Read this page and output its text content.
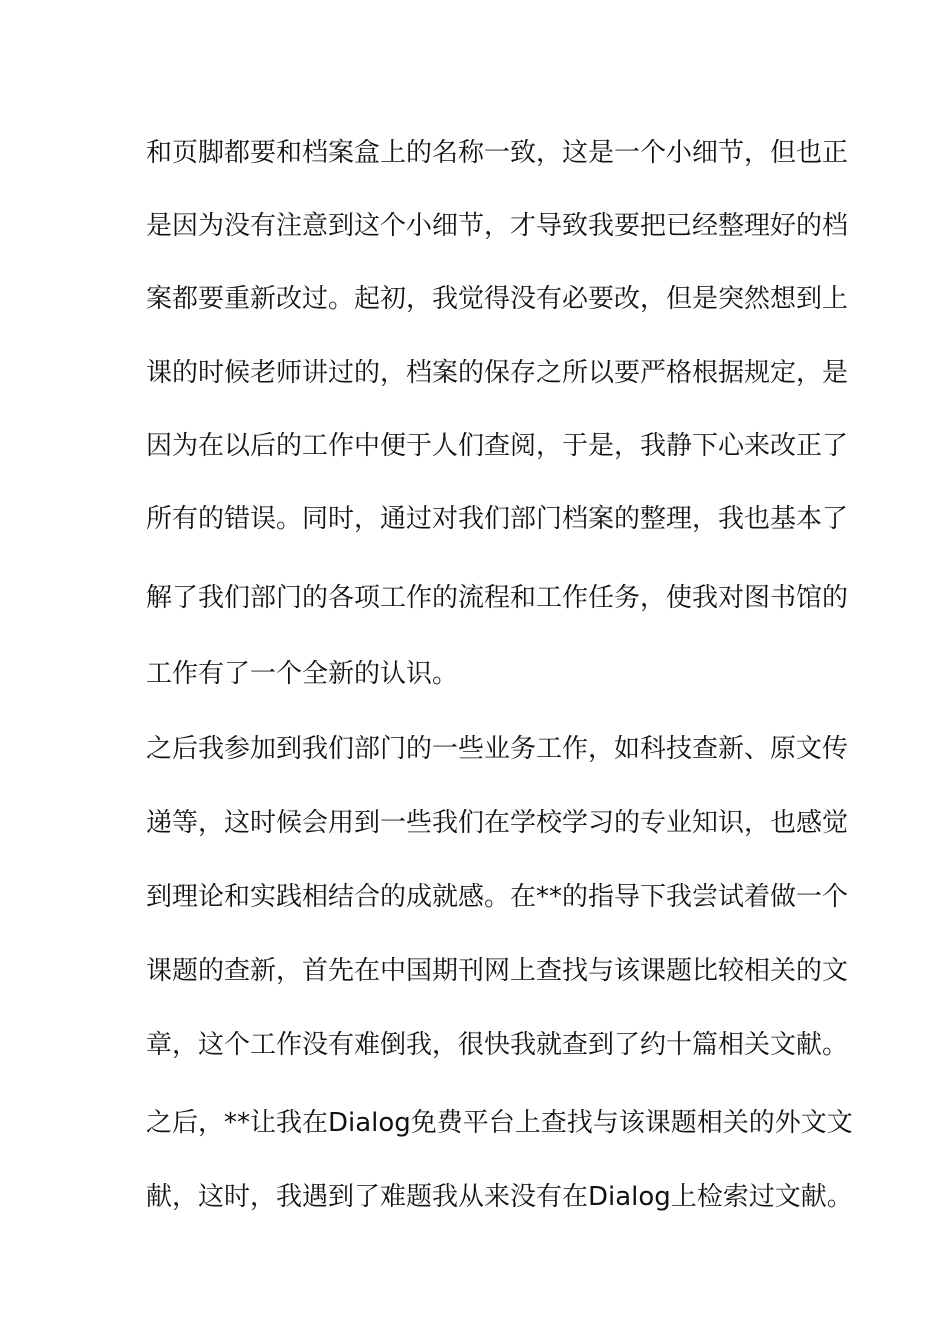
和页脚都要和档案盒上的名称一致，这是一个小细节，但也正
是因为没有注意到这个小细节，才导致我要把已经整理好的档
案都要重新改过。起初，我觉得没有必要改，但是突然想到上
课的时候老师讲过的，档案的保存之所以要严格根据规定，是
因为在以后的工作中便于人们查阅，于是，我静下心来改正了
所有的错误。同时，通过对我们部门档案的整理，我也基本了
解了我们部门的各项工作的流程和工作任务，使我对图书馆的
工作有了一个全新的认识。
之后我参加到我们部门的一些业务工作，如科技查新、原文传
递等，这时候会用到一些我们在学校学习的专业知识，也感觉
到理论和实践相结合的成就感。在**的指导下我尝试着做一个
课题的查新，首先在中国期刊网上查找与该课题比较相关的文
章，这个工作没有难倒我，很快我就查到了约十篇相关文献。
之后，**让我在Dialog免费平台上查找与该课题相关的外文文
献，这时，我遇到了难题我从来没有在Dialog上检索过文献。
